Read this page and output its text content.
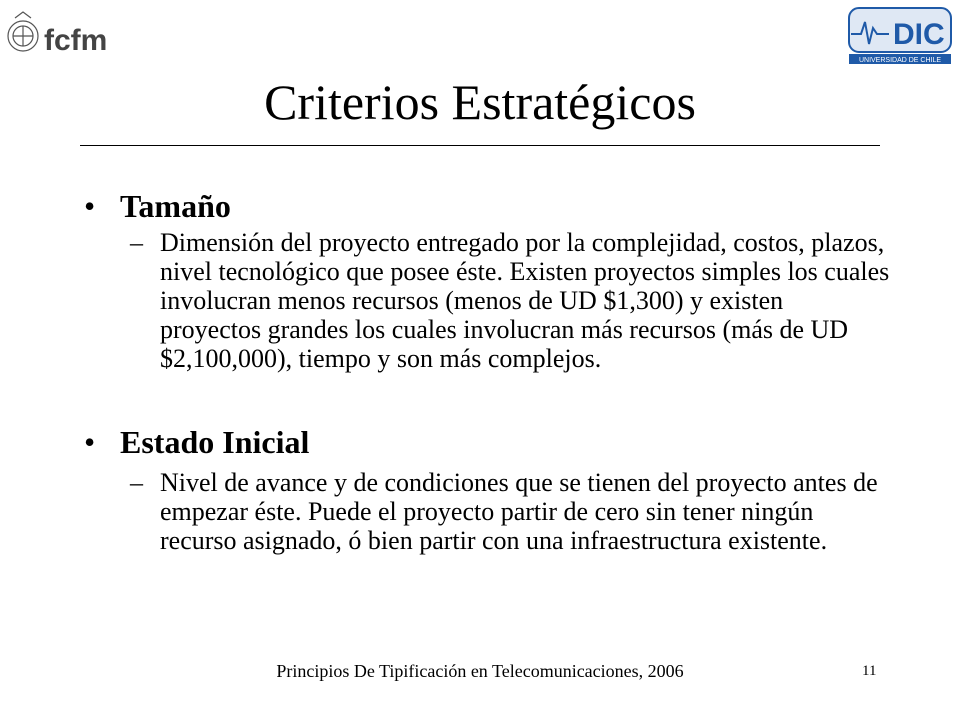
fcfm	DIC
UNIVERSIDAD DE CHILE
Criterios Estratégicos
• Tamaño
– Dimensión del proyecto entregado por la complejidad, costos, plazos, nivel tecnológico que posee éste. Existen proyectos simples los cuales involucran menos recursos (menos de UD $1,300) y existen proyectos grandes los cuales involucran más recursos (más de UD $2,100,000), tiempo y son más complejos.
• Estado Inicial
– Nivel de avance y de condiciones que se tienen del proyecto antes de empezar éste. Puede el proyecto partir de cero sin tener ningún recurso asignado, ó bien partir con una infraestructura existente.
Principios De Tipificación en Telecomunicaciones, 2006	11
